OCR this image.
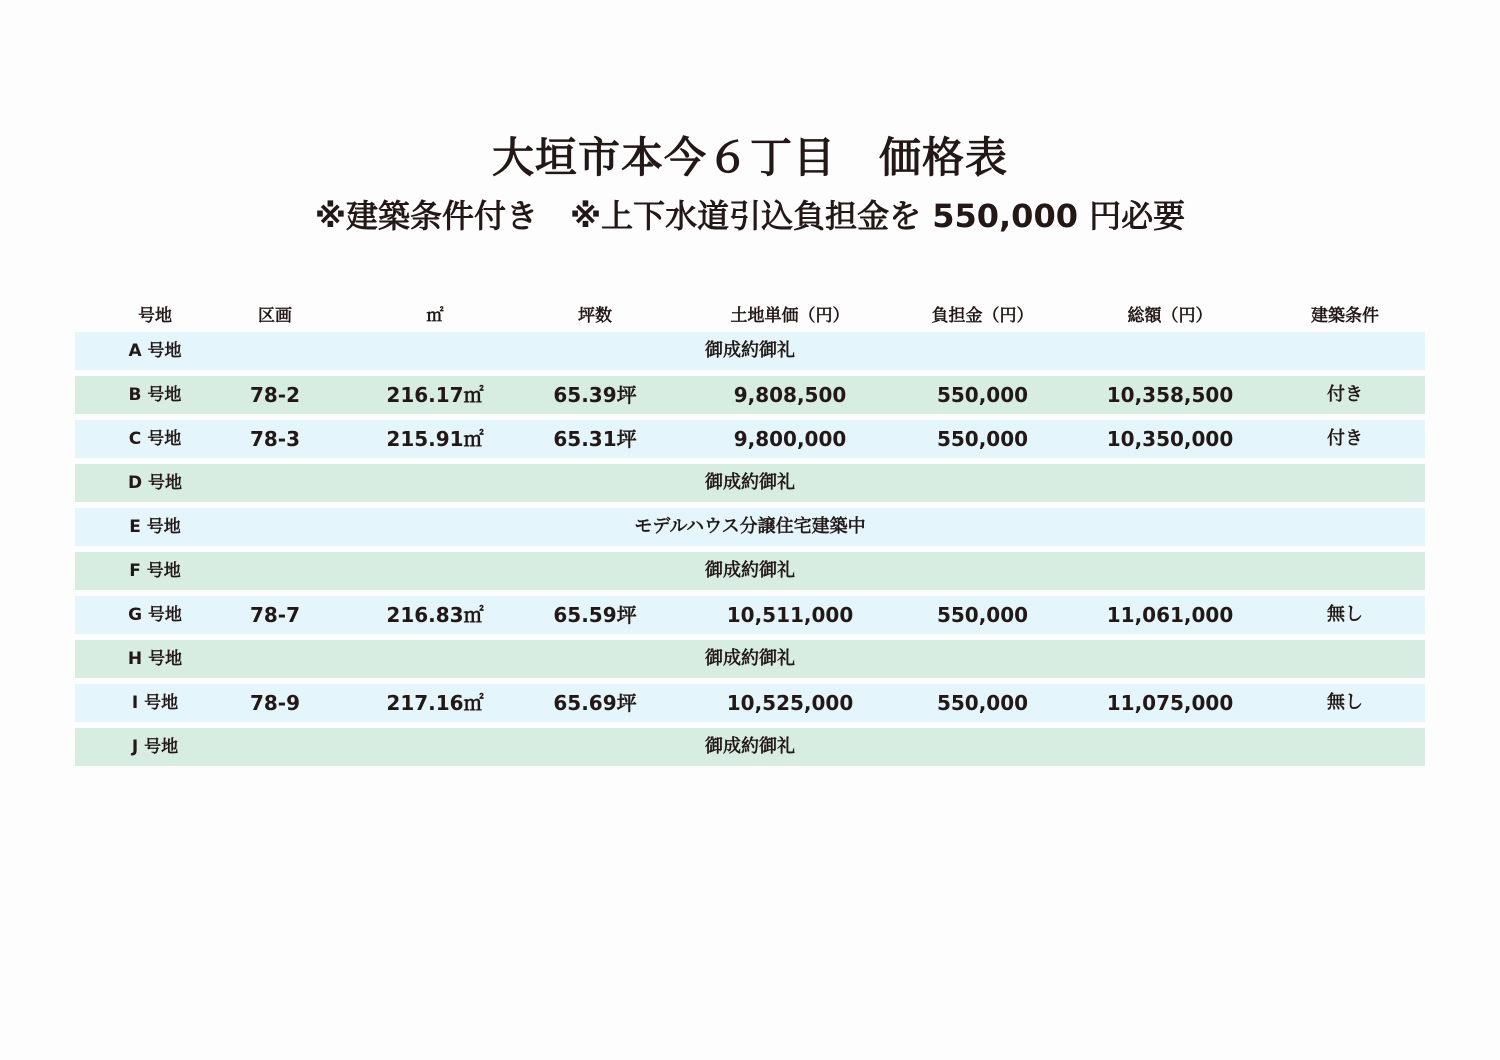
大垣市本今６丁目　価格表
※建築条件付き　※上下水道引込負担金を 550,000 円必要
号地	区画	㎡	坪数	土地単価（円）	負担金（円）	総額（円）	建築条件
A 号地	御成約御礼
B 号地	78-2	216.17㎡	65.39坪	9,808,500	550,000	10,358,500	付き
C 号地	78-3	215.91㎡	65.31坪	9,800,000	550,000	10,350,000	付き
D 号地	御成約御礼
E 号地	モデルハウス分譲住宅建築中
F 号地	御成約御礼
G 号地	78-7	216.83㎡	65.59坪	10,511,000	550,000	11,061,000	無し
H 号地	御成約御礼
I 号地	78-9	217.16㎡	65.69坪	10,525,000	550,000	11,075,000	無し
J 号地	御成約御礼
